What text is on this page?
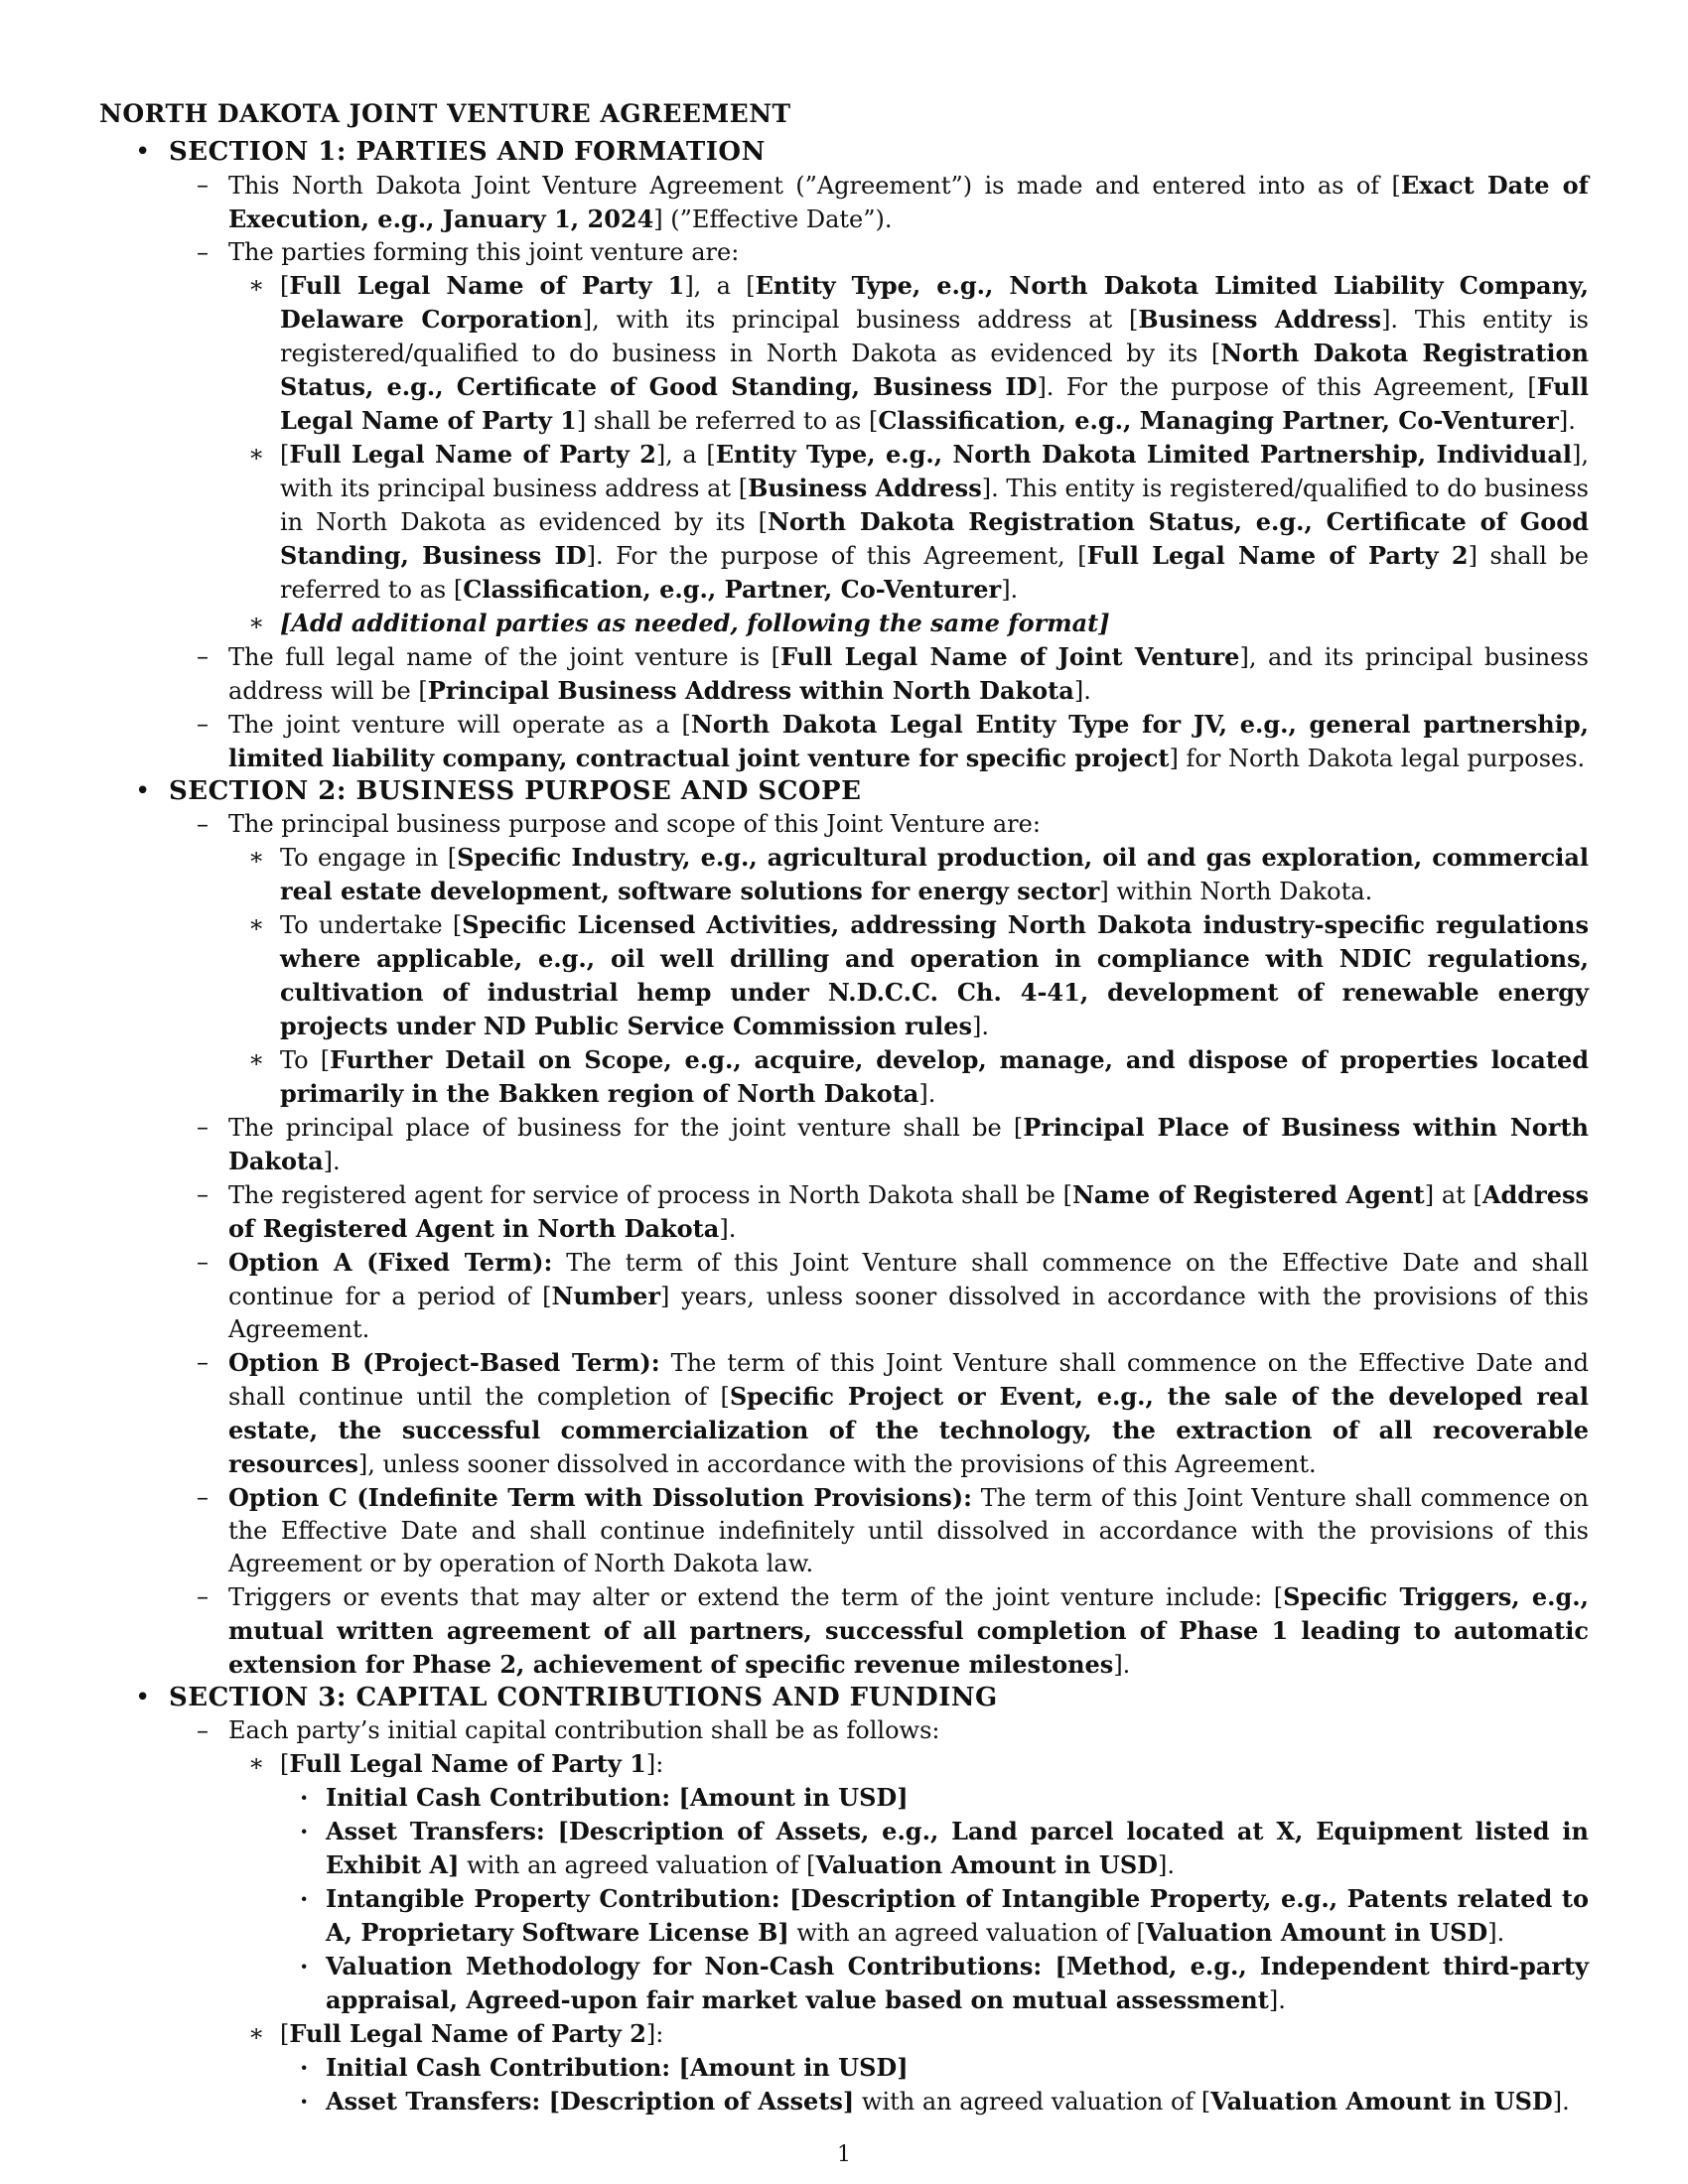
NORTH DAKOTA JOINT VENTURE AGREEMENT
• SECTION 1: PARTIES AND FORMATION
– This North Dakota Joint Venture Agreement (”Agreement”) is made and entered into as of [Exact Date of Execution, e.g., January 1, 2024] (”Effective Date”).
– The parties forming this joint venture are:
∗ [Full Legal Name of Party 1], a [Entity Type, e.g., North Dakota Limited Liability Company, Delaware Corporation], with its principal business address at [Business Address]. This entity is registered/qualified to do business in North Dakota as evidenced by its [North Dakota Registration Status, e.g., Certificate of Good Standing, Business ID]. For the purpose of this Agreement, [Full Legal Name of Party 1] shall be referred to as [Classification, e.g., Managing Partner, Co-Venturer].
∗ [Full Legal Name of Party 2], a [Entity Type, e.g., North Dakota Limited Partnership, Individual], with its principal business address at [Business Address]. This entity is registered/qualified to do business in North Dakota as evidenced by its [North Dakota Registration Status, e.g., Certificate of Good Standing, Business ID]. For the purpose of this Agreement, [Full Legal Name of Party 2] shall be referred to as [Classification, e.g., Partner, Co-Venturer].
∗ [Add additional parties as needed, following the same format]
– The full legal name of the joint venture is [Full Legal Name of Joint Venture], and its principal business address will be [Principal Business Address within North Dakota].
– The joint venture will operate as a [North Dakota Legal Entity Type for JV, e.g., general partnership, limited liability company, contractual joint venture for specific project] for North Dakota legal purposes.
• SECTION 2: BUSINESS PURPOSE AND SCOPE
– The principal business purpose and scope of this Joint Venture are:
∗ To engage in [Specific Industry, e.g., agricultural production, oil and gas exploration, commercial real estate development, software solutions for energy sector] within North Dakota.
∗ To undertake [Specific Licensed Activities, addressing North Dakota industry-specific regulations where applicable, e.g., oil well drilling and operation in compliance with NDIC regulations, cultivation of industrial hemp under N.D.C.C. Ch. 4-41, development of renewable energy projects under ND Public Service Commission rules].
∗ To [Further Detail on Scope, e.g., acquire, develop, manage, and dispose of properties located primarily in the Bakken region of North Dakota].
– The principal place of business for the joint venture shall be [Principal Place of Business within North Dakota].
– The registered agent for service of process in North Dakota shall be [Name of Registered Agent] at [Address of Registered Agent in North Dakota].
– Option A (Fixed Term): The term of this Joint Venture shall commence on the Effective Date and shall continue for a period of [Number] years, unless sooner dissolved in accordance with the provisions of this Agreement.
– Option B (Project-Based Term): The term of this Joint Venture shall commence on the Effective Date and shall continue until the completion of [Specific Project or Event, e.g., the sale of the developed real estate, the successful commercialization of the technology, the extraction of all recoverable resources], unless sooner dissolved in accordance with the provisions of this Agreement.
– Option C (Indefinite Term with Dissolution Provisions): The term of this Joint Venture shall commence on the Effective Date and shall continue indefinitely until dissolved in accordance with the provisions of this Agreement or by operation of North Dakota law.
– Triggers or events that may alter or extend the term of the joint venture include: [Specific Triggers, e.g., mutual written agreement of all partners, successful completion of Phase 1 leading to automatic extension for Phase 2, achievement of specific revenue milestones].
• SECTION 3: CAPITAL CONTRIBUTIONS AND FUNDING
– Each party’s initial capital contribution shall be as follows:
∗ [Full Legal Name of Party 1]:
· Initial Cash Contribution: [Amount in USD]
· Asset Transfers: [Description of Assets, e.g., Land parcel located at X, Equipment listed in Exhibit A] with an agreed valuation of [Valuation Amount in USD].
· Intangible Property Contribution: [Description of Intangible Property, e.g., Patents related to A, Proprietary Software License B] with an agreed valuation of [Valuation Amount in USD].
· Valuation Methodology for Non-Cash Contributions: [Method, e.g., Independent third-party appraisal, Agreed-upon fair market value based on mutual assessment].
∗ [Full Legal Name of Party 2]:
· Initial Cash Contribution: [Amount in USD]
· Asset Transfers: [Description of Assets] with an agreed valuation of [Valuation Amount in USD].
1
